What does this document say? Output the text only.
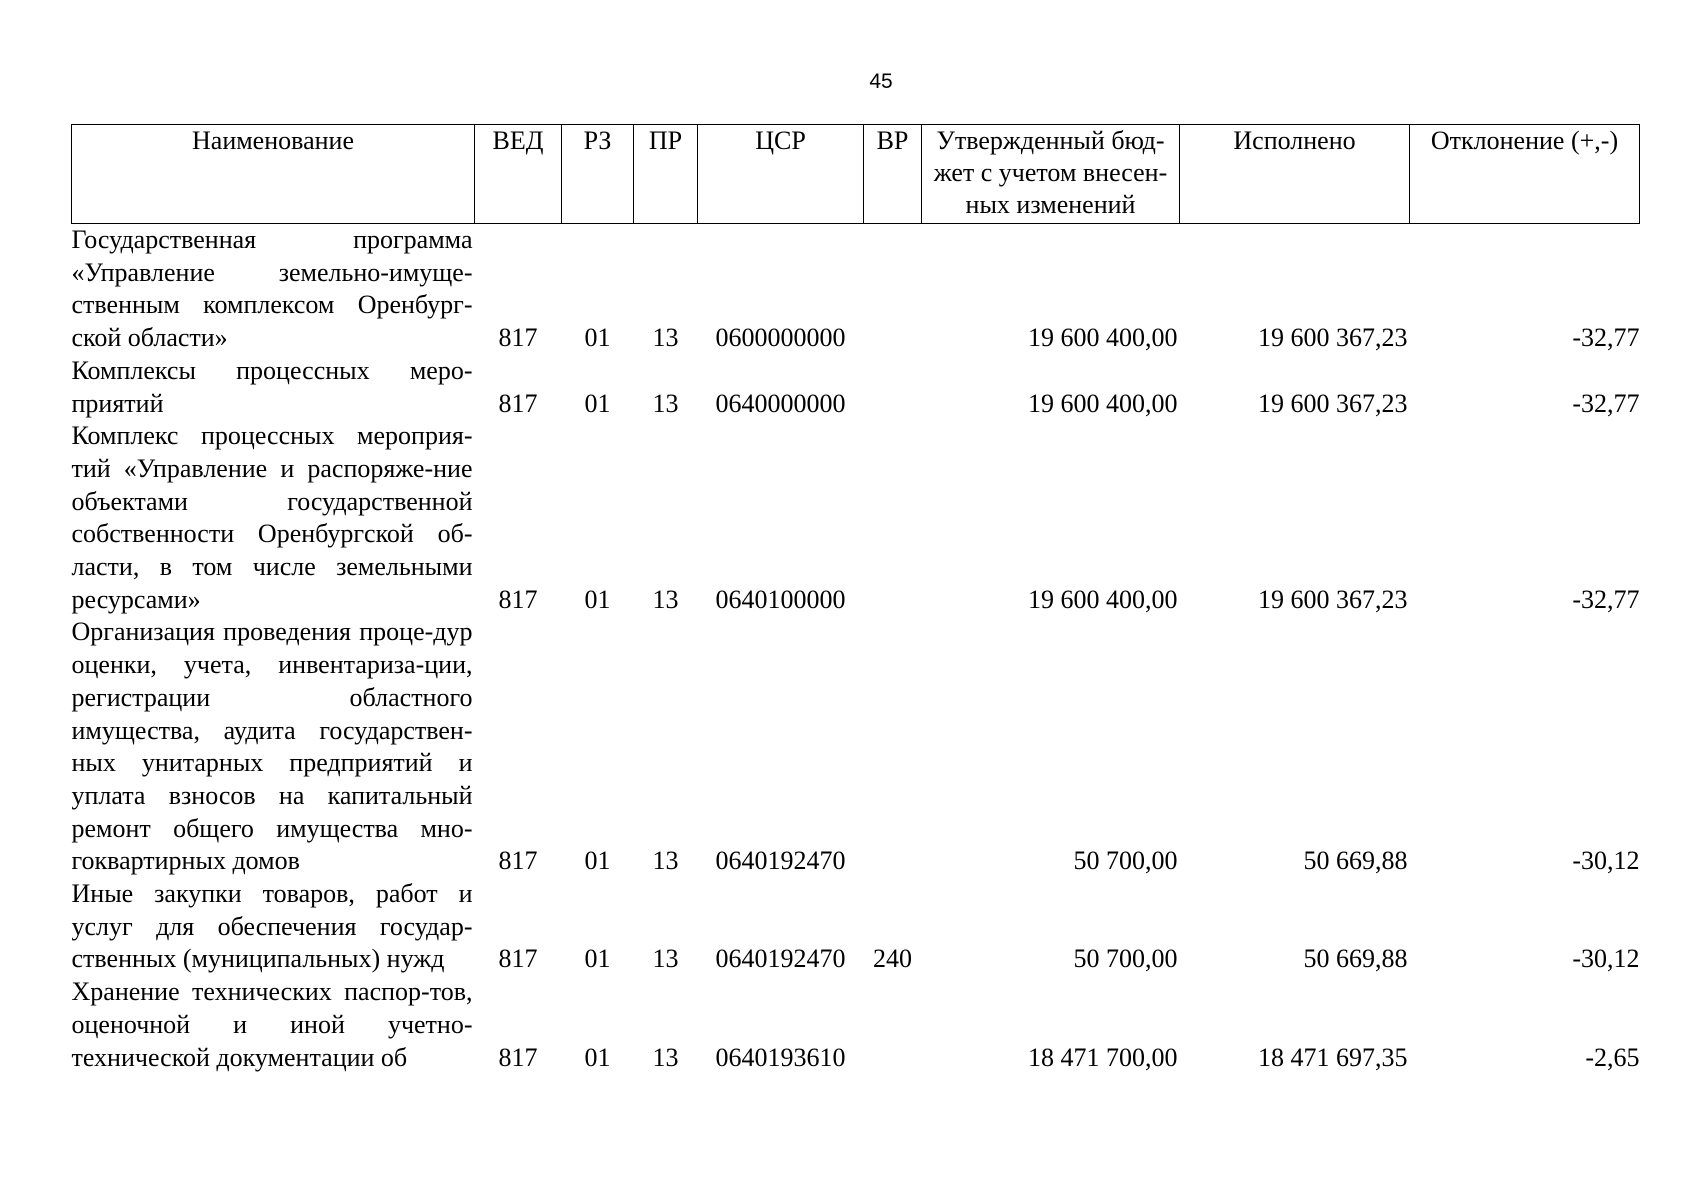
45
Наименование	ВЕД	РЗ	ПР	ЦСР	ВР	Утвержденный бюд-жет с учетом внесен-ных изменений	Исполнено	Отклонение (+,-)
Государственная программа «Управление земельно-имуще-ственным комплексом Оренбург-ской области»	817	01	13	0600000000		19 600 400,00	19 600 367,23	-32,77
Комплексы процессных меро-приятий	817	01	13	0640000000		19 600 400,00	19 600 367,23	-32,77
Комплекс процессных мероприя-тий «Управление и распоряже-ние объектами государственной собственности Оренбургской об-ласти, в том числе земельными ресурсами»	817	01	13	0640100000		19 600 400,00	19 600 367,23	-32,77
Организация проведения проце-дур оценки, учета, инвентариза-ции, регистрации областного имущества, аудита государствен-ных унитарных предприятий и уплата взносов на капитальный ремонт общего имущества мно-гоквартирных домов	817	01	13	0640192470		50 700,00	50 669,88	-30,12
Иные закупки товаров, работ и услуг для обеспечения государ-ственных (муниципальных) нужд	817	01	13	0640192470	240	50 700,00	50 669,88	-30,12
Хранение технических паспор-тов, оценочной и иной учетно-технической документации об	817	01	13	0640193610		18 471 700,00	18 471 697,35	-2,65
